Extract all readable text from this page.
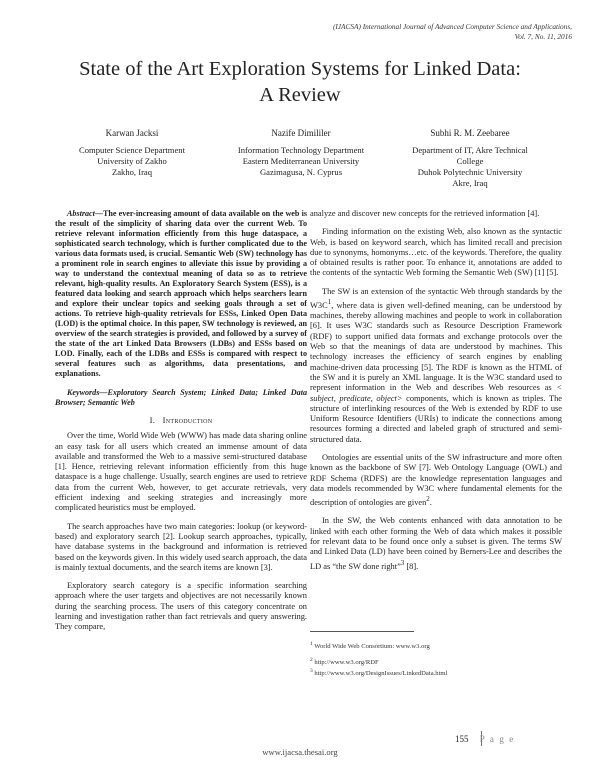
(IJACSA) International Journal of Advanced Computer Science and Applications,
Vol. 7, No. 11, 2016
State of the Art Exploration Systems for Linked Data:
A Review
Karwan Jacksi
Computer Science Department
University of Zakho
Zakho, Iraq
Nazife Dimililer
Information Technology Department
Eastern Mediterranean University
Gazimagusa, N. Cyprus
Subhi R. M. Zeebaree
Department of IT, Akre Technical
College
Duhok Polytechnic University
Akre, Iraq

Abstract—The ever-increasing amount of data available on the web is the result of the simplicity of sharing data over the current Web. To retrieve relevant information efficiently from this huge dataspace, a sophisticated search technology, which is further complicated due to the various data formats used, is crucial. Semantic Web (SW) technology has a prominent role in search engines to alleviate this issue by providing a way to understand the contextual meaning of data so as to retrieve relevant, high-quality results. An Exploratory Search System (ESS), is a featured data looking and search approach which helps searchers learn and explore their unclear topics and seeking goals through a set of actions. To retrieve high-quality retrievals for ESSs, Linked Open Data (LOD) is the optimal choice. In this paper, SW technology is reviewed, an overview of the search strategies is provided, and followed by a survey of the state of the art Linked Data Browsers (LDBs) and ESSs based on LOD. Finally, each of the LDBs and ESSs is compared with respect to several features such as algorithms, data presentations, and explanations.

Keywords—Exploratory Search System; Linked Data; Linked Data Browser; Semantic Web

I. Introduction

Over the time, World Wide Web (WWW) has made data sharing online an easy task for all users which created an immense amount of data available and transformed the Web to a massive semi-structured database [1]. Hence, retrieving relevant information efficiently from this huge dataspace is a huge challenge. Usually, search engines are used to retrieve data from the current Web, however, to get accurate retrievals, very efficient indexing and seeking strategies and increasingly more complicated heuristics must be employed.

The search approaches have two main categories: lookup (or keyword-based) and exploratory search [2]. Lookup search approaches, typically, have database systems in the background and information is retrieved based on the keywords given. In this widely used search approach, the data is mainly textual documents, and the search items are known [3].

Exploratory search category is a specific information searching approach where the user targets and objectives are not necessarily known during the searching process. The users of this category concentrate on learning and investigation rather than fact retrievals and query answering. They compare,

analyze and discover new concepts for the retrieved information [4].

Finding information on the existing Web, also known as the syntactic Web, is based on keyword search, which has limited recall and precision due to synonyms, homonyms…etc. of the keywords. Therefore, the quality of obtained results is rather poor. To enhance it, annotations are added to the contents of the syntactic Web forming the Semantic Web (SW) [1] [5].

The SW is an extension of the syntactic Web through standards by the $W3C^1$, where data is given well-defined meaning, can be understood by machines, thereby allowing machines and people to work in collaboration [6]. It uses W3C standards such as Resource Description Framework (RDF) to support unified data formats and exchange protocols over the Web so that the meanings of data are understood by machines. This technology increases the efficiency of search engines by enabling machine-driven data processing [5]. The RDF is known as the HTML of the SW and it is purely an XML language. It is the W3C standard used to represent information in the Web and describes Web resources as < subject, predicate, object> components, which is known as triples. The structure of interlinking resources of the Web is extended by RDF to use Uniform Resource Identifiers (URIs) to indicate the connections among resources forming a directed and labeled graph of structured and semi-structured data.

Ontologies are essential units of the SW infrastructure and more often known as the backbone of SW [7]. Web Ontology Language (OWL) and RDF Schema (RDFS) are the knowledge representation languages and data models recommended by W3C where fundamental elements for the description of ontologies are given$^2$.

In the SW, the Web contents enhanced with data annotation to be linked with each other forming the Web of data which makes it possible for relevant data to be found once only a subset is given. The terms SW and Linked Data (LD) have been coined by Berners-Lee and describes the LD as “the SW done right”$^3$ [8].

$^1$ World Wide Web Consortium: www.w3.org
$^2$ http://www.w3.org/RDF
$^3$ http://www.w3.org/DesignIssues/LinkedData.html
155 P a g e
www.ijacsa.thesai.org
